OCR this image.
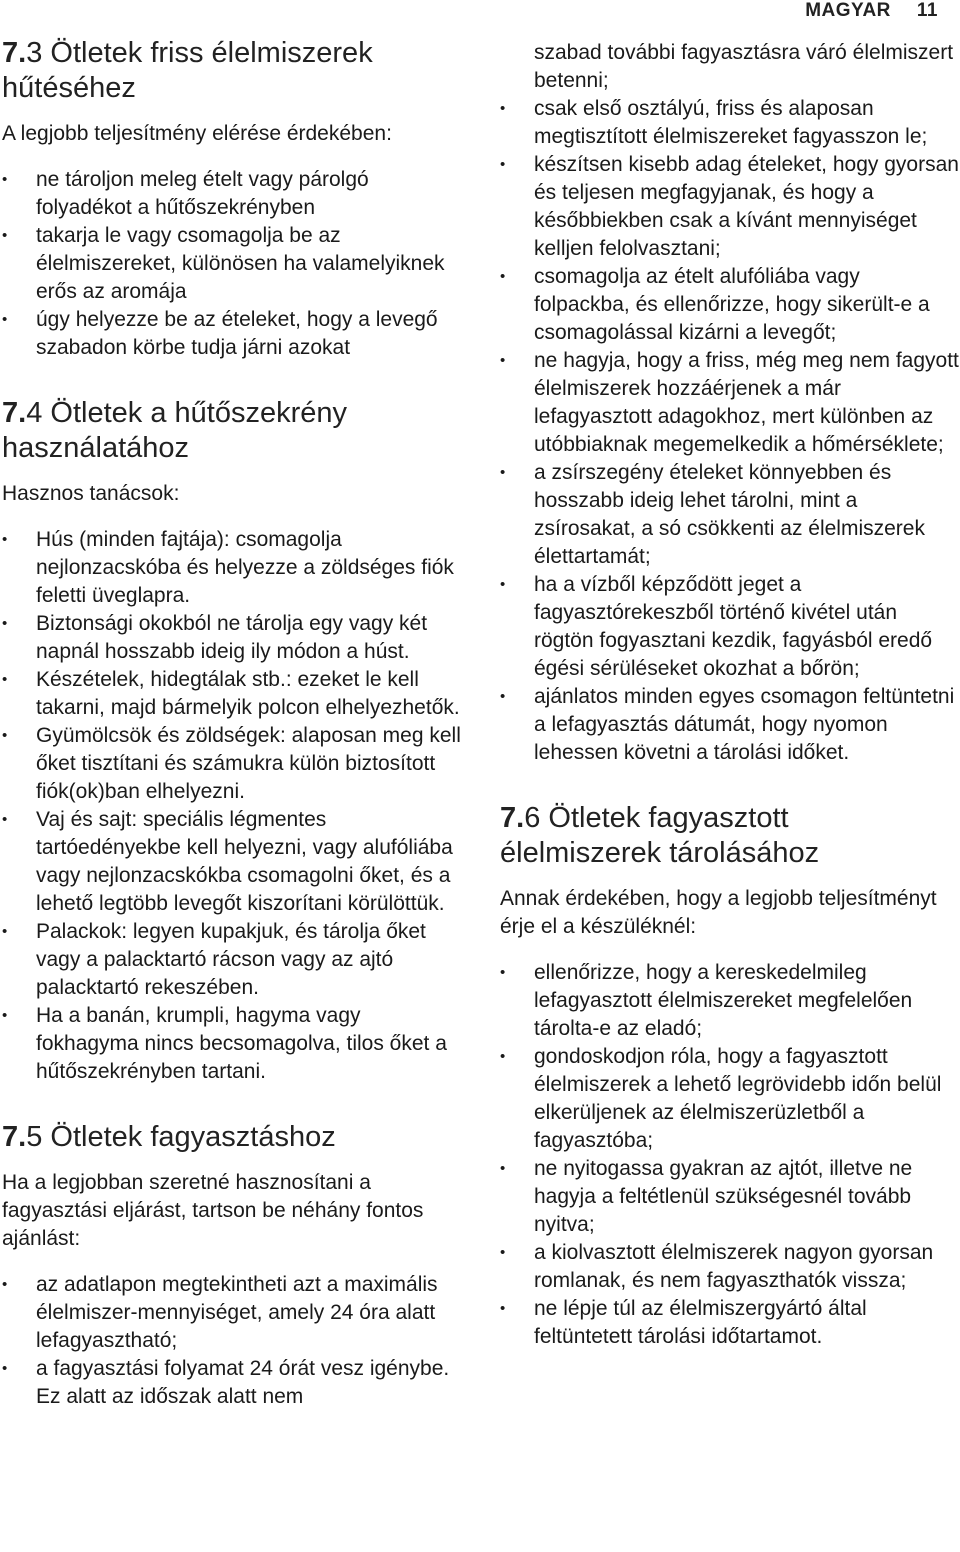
MAGYAR 11
7.3 Ötletek friss élelmiszerek
hűtéséhez

A legjobb teljesítmény elérése érdekében:

• ne tároljon meleg ételt vagy párolgó folyadékot a hűtőszekrényben
• takarja le vagy csomagolja be az élelmiszereket, különösen ha valamelyiknek erős az aromája
• úgy helyezze be az ételeket, hogy a levegő szabadon körbe tudja járni azokat
7.4 Ötletek a hűtőszekrény
használatához

Hasznos tanácsok:

• Hús (minden fajtája): csomagolja nejlonzacskóba és helyezze a zöldséges fiók feletti üveglapra.
• Biztonsági okokból ne tárolja egy vagy két napnál hosszabb ideig ily módon a húst.
• Készételek, hidegtálak stb.: ezeket le kell takarni, majd bármelyik polcon elhelyezhetők.
• Gyümölcsök és zöldségek: alaposan meg kell őket tisztítani és számukra külön biztosított fiók(ok)ban elhelyezni.
• Vaj és sajt: speciális légmentes tartóedényekbe kell helyezni, vagy alufóliába vagy nejlonzacskókba csomagolni őket, és a lehető legtöbb levegőt kiszorítani körülöttük.
• Palackok: legyen kupakjuk, és tárolja őket vagy a palacktartó rácson vagy az ajtó palacktartó rekeszében.
• Ha a banán, krumpli, hagyma vagy fokhagyma nincs becsomagolva, tilos őket a hűtőszekrényben tartani.
7.5 Ötletek fagyasztáshoz

Ha a legjobban szeretné hasznosítani a fagyasztási eljárást, tartson be néhány fontos ajánlást:

• az adatlapon megtekintheti azt a maximális élelmiszer-mennyiséget, amely 24 óra alatt lefagyasztható;
• a fagyasztási folyamat 24 órát vesz igénybe. Ez alatt az időszak alatt nem
szabad további fagyasztásra váró élelmiszert betenni;
• csak első osztályú, friss és alaposan megtisztított élelmiszereket fagyasszon le;
• készítsen kisebb adag ételeket, hogy gyorsan és teljesen megfagyjanak, és hogy a későbbiekben csak a kívánt mennyiséget kelljen felolvasztani;
• csomagolja az ételt alufóliába vagy folpackba, és ellenőrizze, hogy sikerült-e a csomagolással kizárni a levegőt;
• ne hagyja, hogy a friss, még meg nem fagyott élelmiszerek hozzáérjenek a már lefagyasztott adagokhoz, mert különben az utóbbiaknak megemelkedik a hőmérséklete;
• a zsírszegény ételeket könnyebben és hosszabb ideig lehet tárolni, mint a zsírosakat, a só csökkenti az élelmiszerek élettartamát;
• ha a vízből képződött jeget a fagyasztórekeszből történő kivétel után rögtön fogyasztani kezdik, fagyásból eredő égési sérüléseket okozhat a bőrön;
• ajánlatos minden egyes csomagon feltüntetni a lefagyasztás dátumát, hogy nyomon lehessen követni a tárolási időket.
7.6 Ötletek fagyasztott
élelmiszerek tárolásához

Annak érdekében, hogy a legjobb teljesítményt érje el a készüléknél:

• ellenőrizze, hogy a kereskedelmileg lefagyasztott élelmiszereket megfelelően tárolta-e az eladó;
• gondoskodjon róla, hogy a fagyasztott élelmiszerek a lehető legrövidebb időn belül elkerüljenek az élelmiszerüzletből a fagyasztóba;
• ne nyitogassa gyakran az ajtót, illetve ne hagyja a feltétlenül szükségesnél tovább nyitva;
• a kiolvasztott élelmiszerek nagyon gyorsan romlanak, és nem fagyaszthatók vissza;
• ne lépje túl az élelmiszergyártó által feltüntetett tárolási időtartamot.
